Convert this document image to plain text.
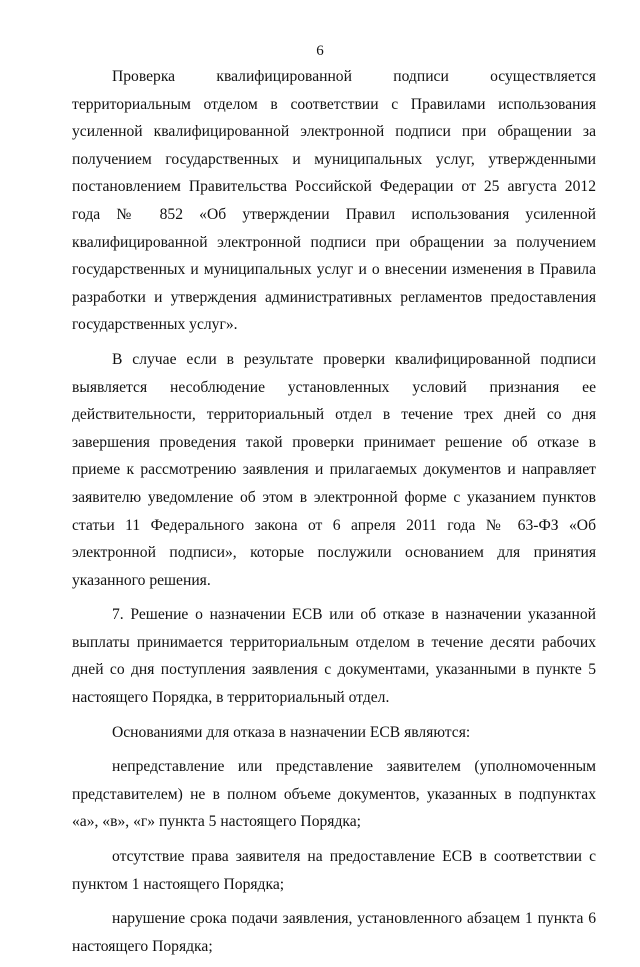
6

Проверка квалифицированной подписи осуществляется территориальным отделом в соответствии с Правилами использования усиленной квалифицированной электронной подписи при обращении за получением государственных и муниципальных услуг, утвержденными постановлением Правительства Российской Федерации от 25 августа 2012 года № 852 «Об утверждении Правил использования усиленной квалифицированной электронной подписи при обращении за получением государственных и муниципальных услуг и о внесении изменения в Правила разработки и утверждения административных регламентов предоставления государственных услуг».

В случае если в результате проверки квалифицированной подписи выявляется несоблюдение установленных условий признания ее действительности, территориальный отдел в течение трех дней со дня завершения проведения такой проверки принимает решение об отказе в приеме к рассмотрению заявления и прилагаемых документов и направляет заявителю уведомление об этом в электронной форме с указанием пунктов статьи 11 Федерального закона от 6 апреля 2011 года № 63-ФЗ «Об электронной подписи», которые послужили основанием для принятия указанного решения.

7. Решение о назначении ЕСВ или об отказе в назначении указанной выплаты принимается территориальным отделом в течение десяти рабочих дней со дня поступления заявления с документами, указанными в пункте 5 настоящего Порядка, в территориальный отдел.

Основаниями для отказа в назначении ЕСВ являются:

непредставление или представление заявителем (уполномоченным представителем) не в полном объеме документов, указанных в подпунктах «а», «в», «г» пункта 5 настоящего Порядка;

отсутствие права заявителя на предоставление ЕСВ в соответствии с пунктом 1 настоящего Порядка;

нарушение срока подачи заявления, установленного абзацем 1 пункта 6 настоящего Порядка;
